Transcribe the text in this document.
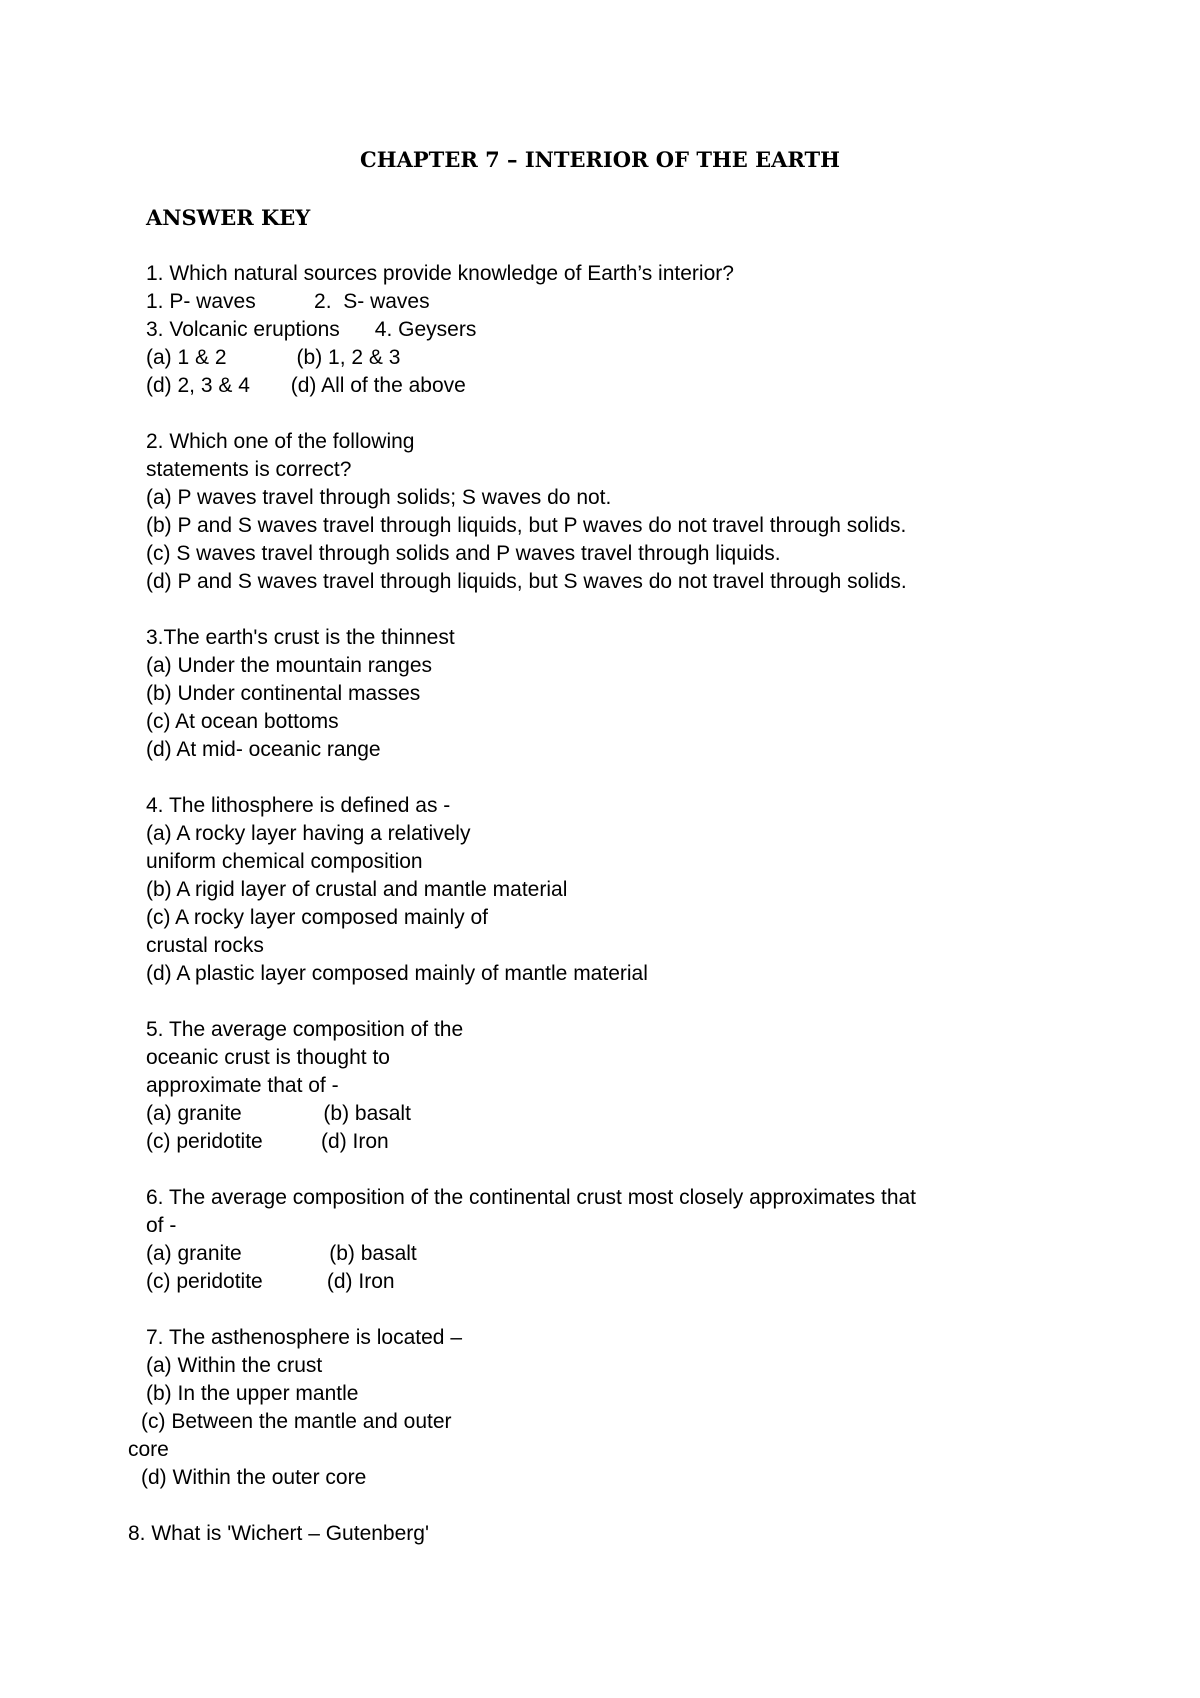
CHAPTER 7 – INTERIOR OF THE EARTH
ANSWER KEY
1. Which natural sources provide knowledge of Earth’s interior?
1. P- waves          2.  S- waves
3. Volcanic eruptions      4. Geysers
(a) 1 & 2            (b) 1, 2 & 3
(d) 2, 3 & 4       (d) All of the above
2. Which one of the following
statements is correct?
(a) P waves travel through solids; S waves do not.
(b) P and S waves travel through liquids, but P waves do not travel through solids.
(c) S waves travel through solids and P waves travel through liquids.
(d) P and S waves travel through liquids, but S waves do not travel through solids.
3.The earth's crust is the thinnest
(a) Under the mountain ranges
(b) Under continental masses
(c) At ocean bottoms
(d) At mid- oceanic range
4. The lithosphere is defined as -
(a) A rocky layer having a relatively
uniform chemical composition
(b) A rigid layer of crustal and mantle material
(c) A rocky layer composed mainly of
crustal rocks
(d) A plastic layer composed mainly of mantle material
5. The average composition of the
oceanic crust is thought to
approximate that of -
(a) granite              (b) basalt
(c) peridotite          (d) Iron
6. The average composition of the continental crust most closely approximates that
of -
(a) granite               (b) basalt
(c) peridotite           (d) Iron
7. The asthenosphere is located –
(a) Within the crust
(b) In the upper mantle
(c) Between the mantle and outer
core
(d) Within the outer core
8. What is 'Wichert – Gutenberg'
